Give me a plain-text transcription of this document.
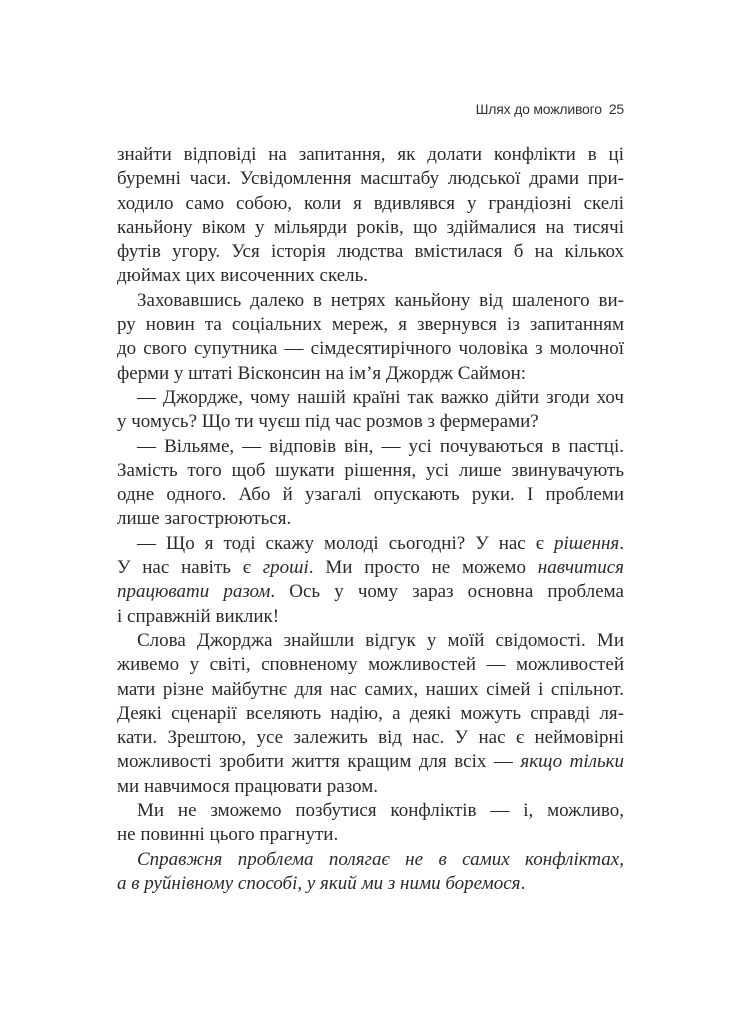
Шлях до можливого 25
знайти відповіді на запитання, як долати конфлікти в ці
буремні часи. Усвідомлення масштабу людської драми при-
ходило само собою, коли я вдивлявся у грандіозні скелі
каньйону віком у мільярди років, що здіймалися на тисячі
футів угору. Уся історія людства вмістилася б на кількох
дюймах цих височенних скель.
Заховавшись далеко в нетрях каньйону від шаленого ви-
ру новин та соціальних мереж, я звернувся із запитанням
до свого супутника — сімдесятирічного чоловіка з молочної
ферми у штаті Вісконсин на ім’я Джордж Саймон:
— Джордже, чому нашій країні так важко дійти згоди хоч
у чомусь? Що ти чуєш під час розмов з фермерами?
— Вільяме, — відповів він, — усі почуваються в пастці.
Замість того щоб шукати рішення, усі лише звинувачують
одне одного. Або й узагалі опускають руки. І проблеми
лише загострюються.
— Що я тоді скажу молоді сьогодні? У нас є рішення.
У нас навіть є гроші. Ми просто не можемо навчитися
працювати разом. Ось у чому зараз основна проблема
і справжній виклик!
Слова Джорджа знайшли відгук у моїй свідомості. Ми
живемо у світі, сповненому можливостей — можливостей
мати різне майбутнє для нас самих, наших сімей і спільнот.
Деякі сценарії вселяють надію, а деякі можуть справді ля-
кати. Зрештою, усе залежить від нас. У нас є неймовірні
можливості зробити життя кращим для всіх — якщо тільки
ми навчимося працювати разом.
Ми не зможемо позбутися конфліктів — і, можливо,
не повинні цього прагнути.
Справжня проблема полягає не в самих конфліктах,
а в руйнівному способі, у який ми з ними боремося.
